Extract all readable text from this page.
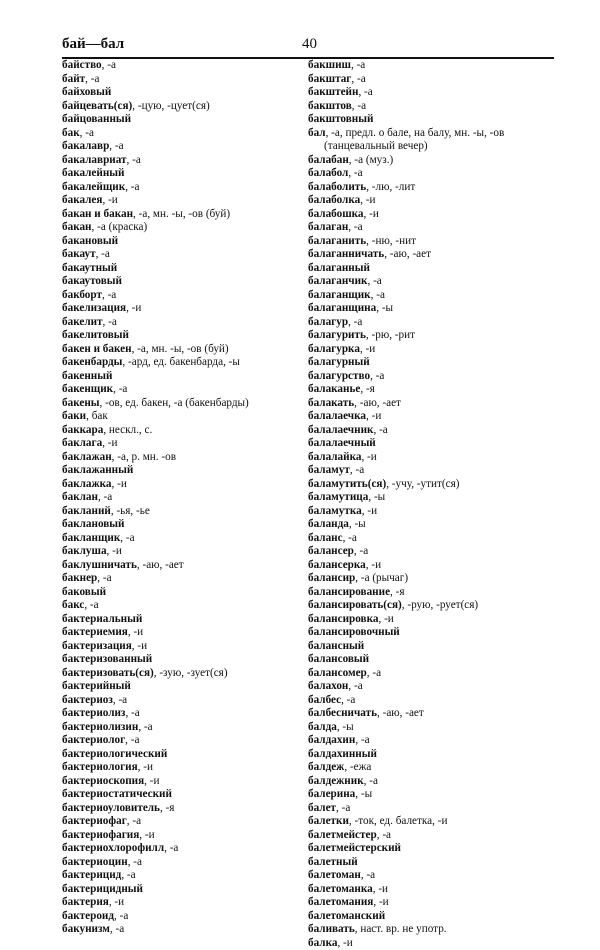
бай—бал	40
байство, -а
байт, -а
байховый
байцевать(ся), -цую, -цует(ся)
байцованный
бак, -а
бакалавр, -а
бакалавриат, -а
бакалейный
бакалейщик, -а
бакалея, -и
бакан и бакан, -а, мн. -ы, -ов (буй)
бакан, -а (краска)
бакановый
бакаут, -а
бакаутный
бакаутовый
бакборт, -а
бакелизация, -и
бакелит, -а
бакелитовый
бакен и бакен, -а, мн. -ы, -ов (буй)
бакенбарды, -ард, ед. бакенбарда, -ы
бакенный
бакенщик, -а
бакены, -ов, ед. бакен, -а (бакенбарды)
баки, бак
баккара, нескл., с.
баклага, -и
баклажан, -а, р. мн. -ов
баклажанный
баклажка, -и
баклан, -а
бакланий, -ья, -ье
баклановый
бакланщик, -а
баклуша, -и
баклушничать, -аю, -ает
бакнер, -а
баковый
бакс, -а
бактериальный
бактериемия, -и
бактеризация, -и
бактеризованный
бактеризовать(ся), -зую, -зует(ся)
бактерийный
бактериоз, -а
бактериолиз, -а
бактериолизин, -а
бактериолог, -а
бактериологический
бактериология, -и
бактериоскопия, -и
бактериостатический
бактериоуловитель, -я
бактериофаг, -а
бактериофагия, -и
бактериохлорофилл, -а
бактериоцин, -а
бактерицид, -а
бактерицидный
бактерия, -и
бактероид, -а
бакунизм, -а
бакшиш, -а
бакштаг, -а
бакштейн, -а
бакштов, -а
бакштовный
бал, -а, предл. о бале, на балу, мн. -ы, -ов
(танцевальный вечер)
балабан, -а (муз.)
балабол, -а
балаболить, -лю, -лит
балаболка, -и
балабошка, -и
балаган, -а
балаганить, -ню, -нит
балаганничать, -аю, -ает
балаганный
балаганчик, -а
балаганщик, -а
балаганщина, -ы
балагур, -а
балагурить, -рю, -рит
балагурка, -и
балагурный
балагурство, -а
балаканье, -я
балакать, -аю, -ает
балалаечка, -и
балалаечник, -а
балалаечный
балалайка, -и
баламут, -а
баламутить(ся), -учу, -утит(ся)
баламутица, -ы
баламутка, -и
баланда, -ы
баланс, -а
балансер, -а
балансерка, -и
балансир, -а (рычаг)
балансирование, -я
балансировать(ся), -рую, -рует(ся)
балансировка, -и
балансировочный
балансный
балансовый
балансомер, -а
балахон, -а
балбес, -а
балбесничать, -аю, -ает
балда, -ы
балдахин, -а
балдахинный
балдеж, -ежа
балдежник, -а
балерина, -ы
балет, -а
балетки, -ток, ед. балетка, -и
балетмейстер, -а
балетмейстерский
балетный
балетоман, -а
балетоманка, -и
балетомания, -и
балетоманский
баливать, наст. вр. не употр.
балка, -и
